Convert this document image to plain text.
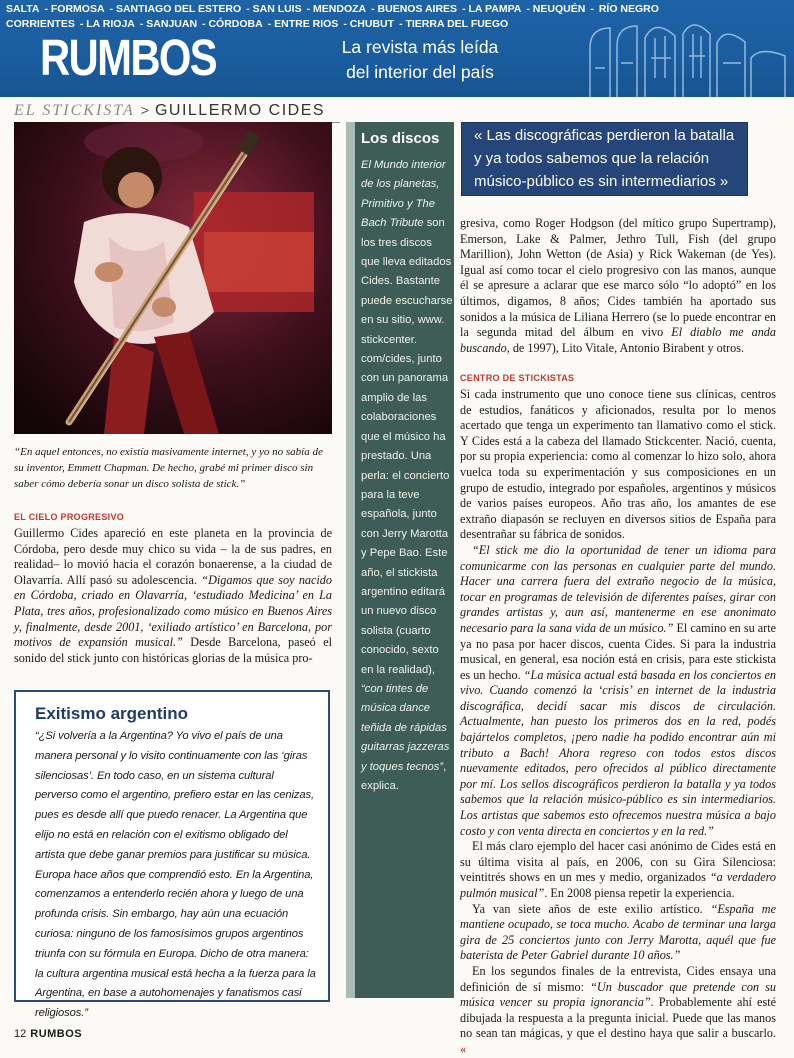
SALTA - FORMOSA - SANTIAGO DEL ESTERO - SAN LUIS - MENDOZA - BUENOS AIRES - LA PAMPA - NEUQUÉN - RÍO NEGRO
CORRIENTES - LA RIOJA - SANJUAN - CÓRDOBA - ENTRE RIOS - CHUBUT - TIERRA DEL FUEGO
RUMBOS	La revista más leída
del interior del país
EL STICKISTA > GUILLERMO CIDES
“En aquel entonces, no existía masivamente internet, y yo no sabía de su inventor, Emmett Chapman. De hecho, grabé mi primer disco sin saber cómo debería sonar un disco solista de stick.”
EL CIELO PROGRESIVO
Guillermo Cides apareció en este planeta en la provincia de Córdoba, pero desde muy chico su vida – la de sus padres, en realidad– lo movió hacia el corazón bonaerense, a la ciudad de Olavarría. Allí pasó su adolescencia. “Digamos que soy nacido en Córdoba, criado en Olavarría, ‘estudiado Medicina’ en La Plata, tres años, profesionalizado como músico en Buenos Aires y, finalmente, desde 2001, ‘exiliado artístico’ en Barcelona, por motivos de expansión musical.” Desde Barcelona, paseó el sonido del stick junto con históricas glorias de la música pro-
Exitismo argentino
“¿Si volvería a la Argentina? Yo vivo el país de una manera personal y lo visito continuamente con las ‘giras silenciosas’. En todo caso, en un sistema cultural perverso como el argentino, prefiero estar en las cenizas, pues es desde allí que puedo renacer. La Argentina que elijo no está en relación con el exitismo obligado del artista que debe ganar premios para justificar su música. Europa hace años que comprendió esto. En la Argentina, comenzamos a entenderlo recién ahora y luego de una profunda crisis. Sin embargo, hay aún una ecuación curiosa: ninguno de los famosísimos grupos argentinos triunfa con su fórmula en Europa. Dicho de otra manera: la cultura argentina musical está hecha a la fuerza para la Argentina, en base a autohomenajes y fanatismos casi religiosos.”
Los discos
El Mundo interior de los planetas, Primitivo y The Bach Tribute son los tres discos que lleva editados Cides. Bastante puede escucharse en su sitio, www. stickcenter. com/cides, junto con un panorama amplio de las colaboraciones que el músico ha prestado. Una perla: el concierto para la teve española, junto con Jerry Marotta y Pepe Bao. Este año, el stickista argentino editará un nuevo disco solista (cuarto conocido, sexto en la realidad), “con tintes de música dance teñida de rápidas guitarras jazzeras y toques tecnos”, explica.
« Las discográficas perdieron la batalla y ya todos sabemos que la relación músico-público es sin intermediarios »
gresiva, como Roger Hodgson (del mítico grupo Supertramp), Emerson, Lake & Palmer, Jethro Tull, Fish (del grupo Marillion), John Wetton (de Asia) y Rick Wakeman (de Yes). Igual así como tocar el cielo progresivo con las manos, aunque él se apresure a aclarar que ese marco sólo “lo adoptó” en los últimos, digamos, 8 años; Cides también ha aportado sus sonidos a la música de Liliana Herrero (se lo puede encontrar en la segunda mitad del álbum en vivo El diablo me anda buscando, de 1997), Lito Vitale, Antonio Birabent y otros.
CENTRO DE STICKISTAS

Si cada instrumento que uno conoce tiene sus clínicas, centros de estudios, fanáticos y aficionados, resulta por lo menos acertado que tenga un experimento tan llamativo como el stick. Y Cides está a la cabeza del llamado Stickcenter. Nació, cuenta, por su propia experiencia: como al comenzar lo hizo solo, ahora vuelca toda su experimentación y sus composiciones en un grupo de estudio, integrado por españoles, argentinos y músicos de varios países europeos. Año tras año, los amantes de ese extraño diapasón se recluyen en diversos sitios de España para desentrañar su fábrica de sonidos.

“El stick me dio la oportunidad de tener un idioma para comunicarme con las personas en cualquier parte del mundo. Hacer una carrera fuera del extraño negocio de la música, tocar en programas de televisión de diferentes países, girar con grandes artistas y, aun así, mantenerme en ese anonimato necesario para la sana vida de un músico.” El camino en su arte ya no pasa por hacer discos, cuenta Cides. Si para la industria musical, en general, esa noción está en crisis, para este stickista es un hecho. “La música actual está basada en los conciertos en vivo. Cuando comenzó la ‘crisis’ en internet de la industria discográfica, decidí sacar mis discos de circulación. Actualmente, han puesto los primeros dos en la red, podés bajártelos completos, ¡pero nadie ha podido encontrar aún mi tributo a Bach! Ahora regreso con todos estos discos nuevamente editados, pero ofrecidos al público directamente por mí. Los sellos discográficos perdieron la batalla y ya todos sabemos que la relación músico-público es sin intermediarios. Los artistas que sabemos esto ofrecemos nuestra música a bajo costo y con venta directa en conciertos y en la red.”

El más claro ejemplo del hacer casi anónimo de Cides está en su última visita al país, en 2006, con su Gira Silenciosa: veintitrés shows en un mes y medio, organizados “a verdadero pulmón musical”. En 2008 piensa repetir la experiencia.

Ya van siete años de este exilio artístico. “España me mantiene ocupado, se toca mucho. Acabo de terminar una larga gira de 25 conciertos junto con Jerry Marotta, aquél que fue baterista de Peter Gabriel durante 10 años.”

En los segundos finales de la entrevista, Cides ensaya una definición de sí mismo: “Un buscador que pretende con su música vencer su propia ignorancia”. Probablemente ahí esté dibujada la respuesta a la pregunta inicial. Puede que las manos no sean tan mágicas, y que el destino haya que salir a buscarlo. «

12 RUMBOS
